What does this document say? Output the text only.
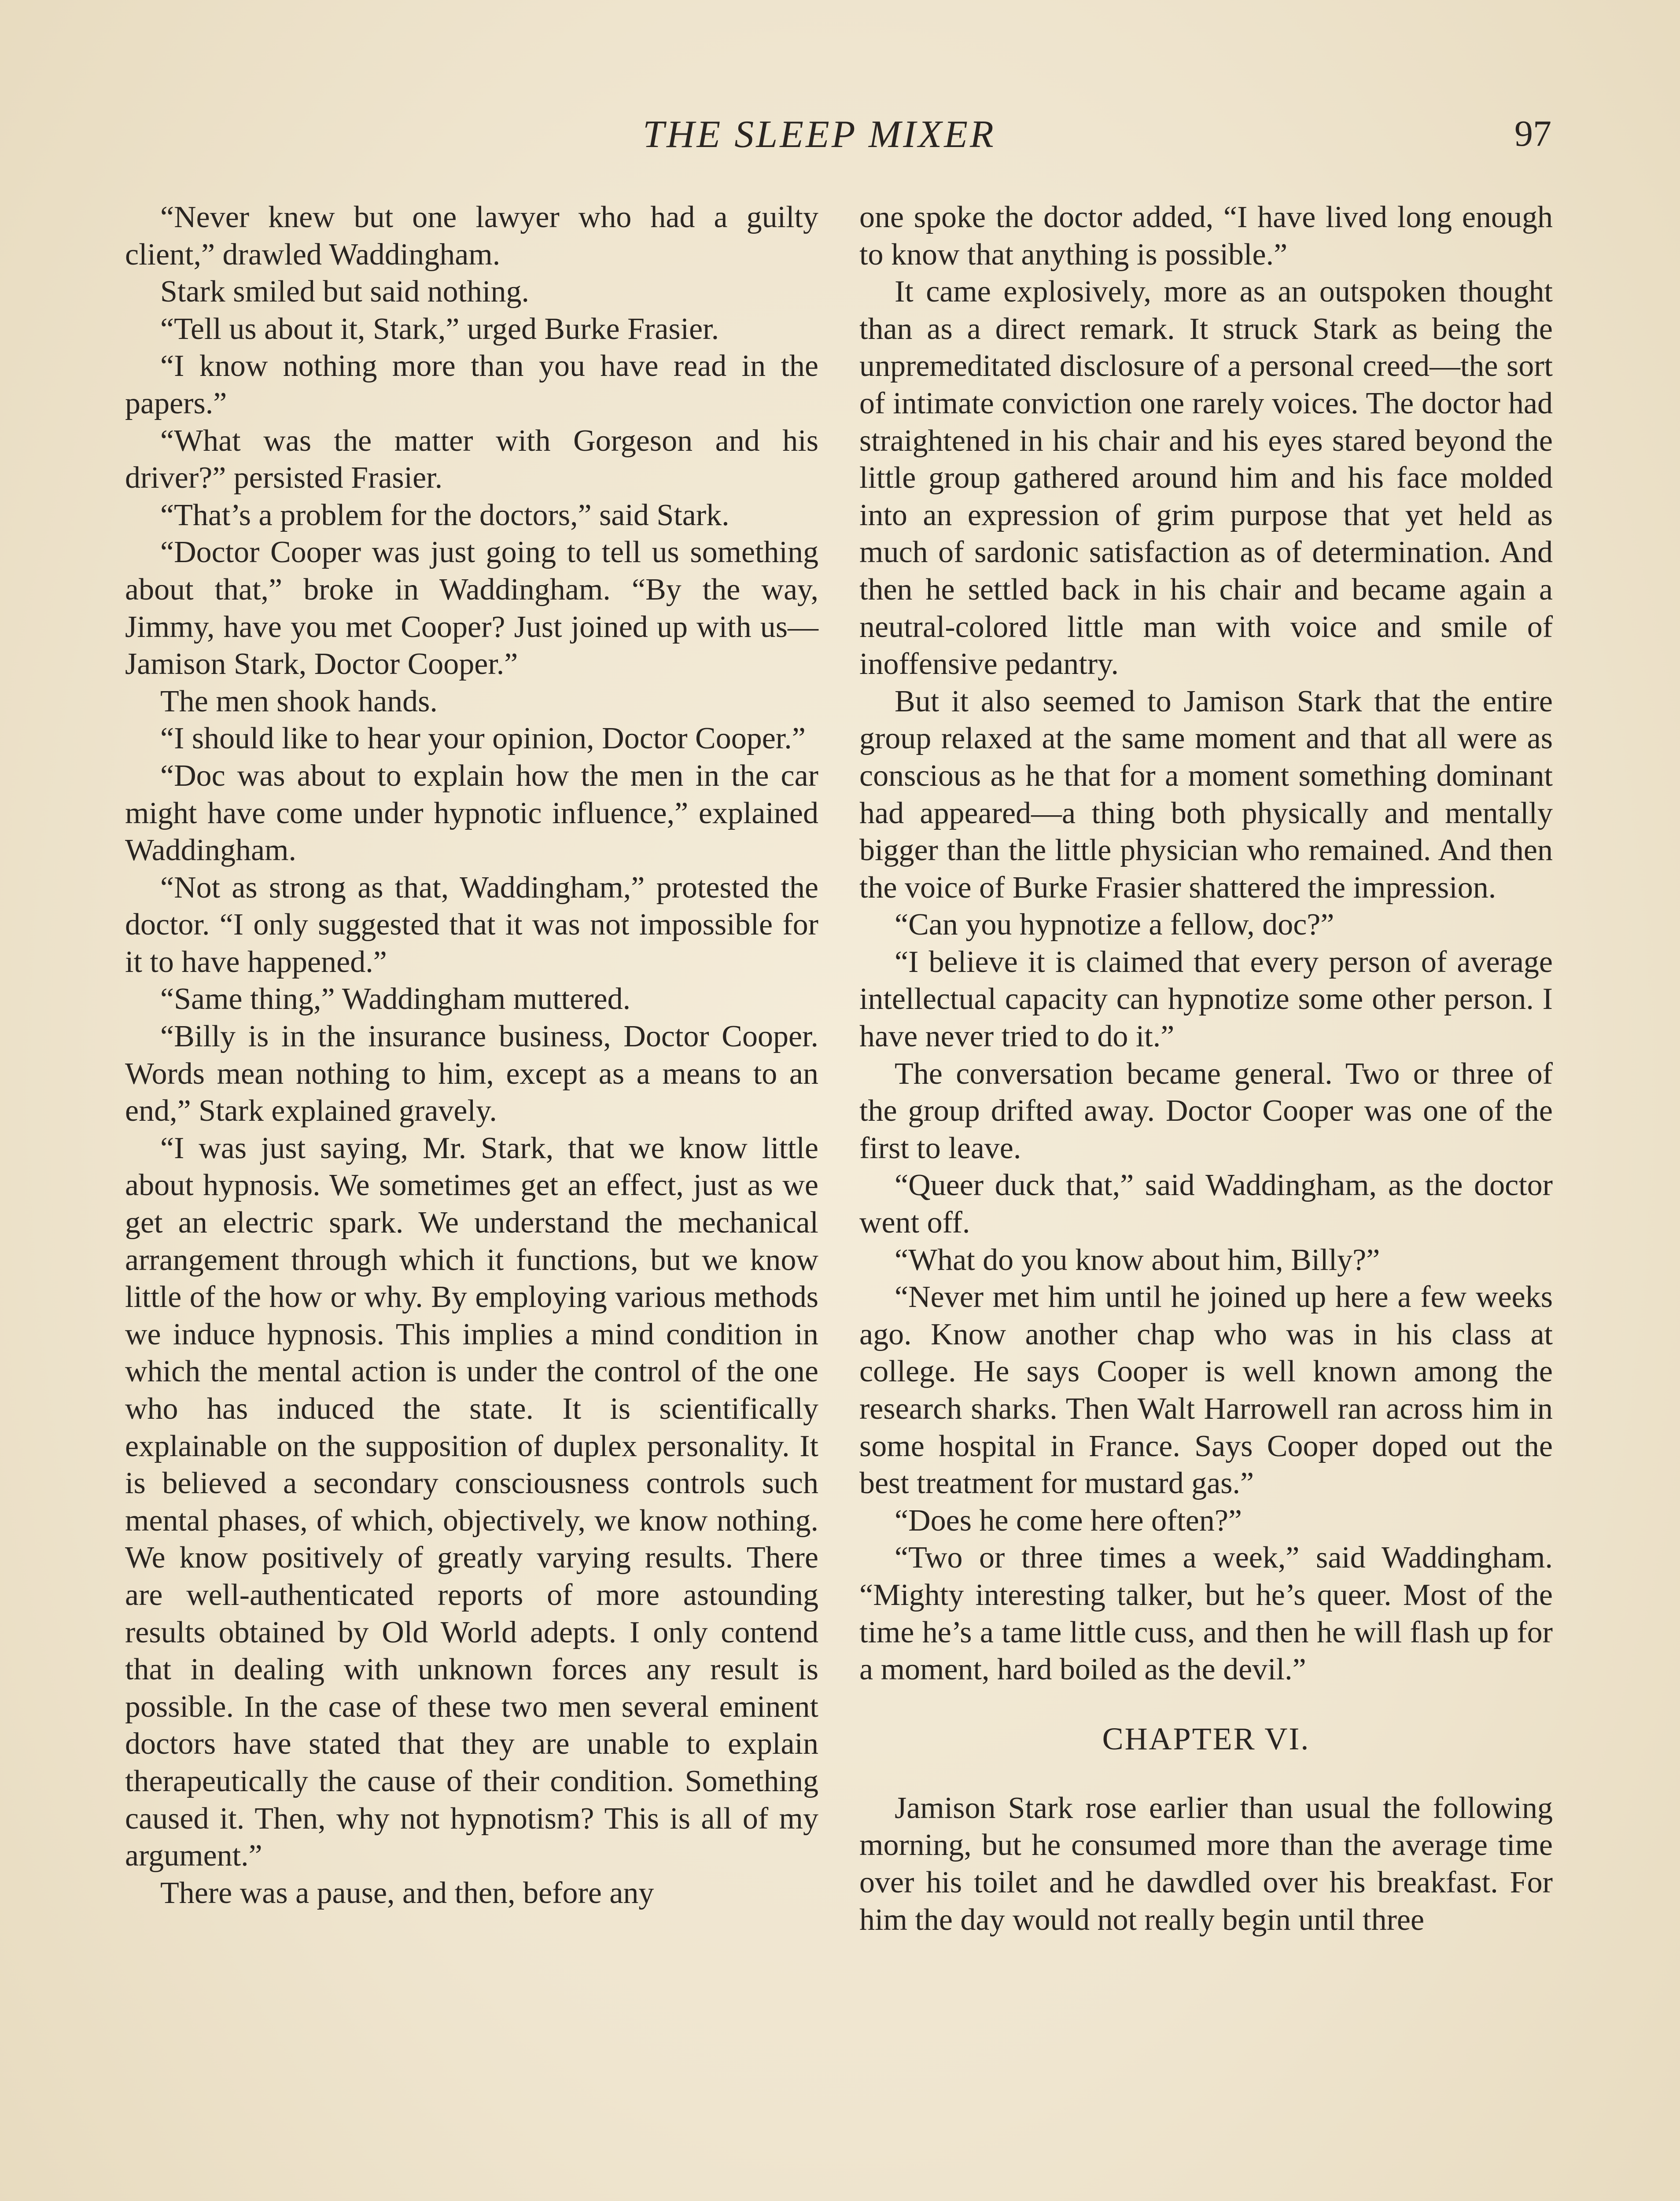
THE SLEEP MIXER	97

“Never knew but one lawyer who had a guilty client,” drawled Waddingham.

Stark smiled but said nothing.

“Tell us about it, Stark,” urged Burke Frasier.

“I know nothing more than you have read in the papers.”

“What was the matter with Gorgeson and his driver?” persisted Frasier.

“That’s a problem for the doctors,” said Stark.

“Doctor Cooper was just going to tell us something about that,” broke in Waddingham. “By the way, Jimmy, have you met Cooper? Just joined up with us—Jamison Stark, Doctor Cooper.”

The men shook hands.

“I should like to hear your opinion, Doctor Cooper.”

“Doc was about to explain how the men in the car might have come under hypnotic influence,” explained Waddingham.

“Not as strong as that, Waddingham,” protested the doctor. “I only suggested that it was not impossible for it to have happened.”

“Same thing,” Waddingham muttered.

“Billy is in the insurance business, Doctor Cooper. Words mean nothing to him, except as a means to an end,” Stark explained gravely.

“I was just saying, Mr. Stark, that we know little about hypnosis. We sometimes get an effect, just as we get an electric spark. We understand the mechanical arrangement through which it functions, but we know little of the how or why. By employing various methods we induce hypnosis. This implies a mind condition in which the mental action is under the control of the one who has induced the state. It is scientifically explainable on the supposition of duplex personality. It is believed a secondary consciousness controls such mental phases, of which, objectively, we know nothing. We know positively of greatly varying results. There are well-authenticated reports of more astounding results obtained by Old World adepts. I only contend that in dealing with unknown forces any result is possible. In the case of these two men several eminent doctors have stated that they are unable to explain therapeutically the cause of their condition. Something caused it. Then, why not hypnotism? This is all of my argument.”

There was a pause, and then, before any

one spoke the doctor added, “I have lived long enough to know that anything is possible.”

It came explosively, more as an outspoken thought than as a direct remark. It struck Stark as being the unpremeditated disclosure of a personal creed—the sort of intimate conviction one rarely voices. The doctor had straightened in his chair and his eyes stared beyond the little group gathered around him and his face molded into an expression of grim purpose that yet held as much of sardonic satisfaction as of determination. And then he settled back in his chair and became again a neutral-colored little man with voice and smile of inoffensive pedantry.

But it also seemed to Jamison Stark that the entire group relaxed at the same moment and that all were as conscious as he that for a moment something dominant had appeared—a thing both physically and mentally bigger than the little physician who remained. And then the voice of Burke Frasier shattered the impression.

“Can you hypnotize a fellow, doc?”

“I believe it is claimed that every person of average intellectual capacity can hypnotize some other person. I have never tried to do it.”

The conversation became general. Two or three of the group drifted away. Doctor Cooper was one of the first to leave.

“Queer duck that,” said Waddingham, as the doctor went off.

“What do you know about him, Billy?”

“Never met him until he joined up here a few weeks ago. Know another chap who was in his class at college. He says Cooper is well known among the research sharks. Then Walt Harrowell ran across him in some hospital in France. Says Cooper doped out the best treatment for mustard gas.”

“Does he come here often?”

“Two or three times a week,” said Waddingham. “Mighty interesting talker, but he’s queer. Most of the time he’s a tame little cuss, and then he will flash up for a moment, hard boiled as the devil.”

CHAPTER VI.

Jamison Stark rose earlier than usual the following morning, but he consumed more than the average time over his toilet and he dawdled over his breakfast. For him the day would not really begin until three
